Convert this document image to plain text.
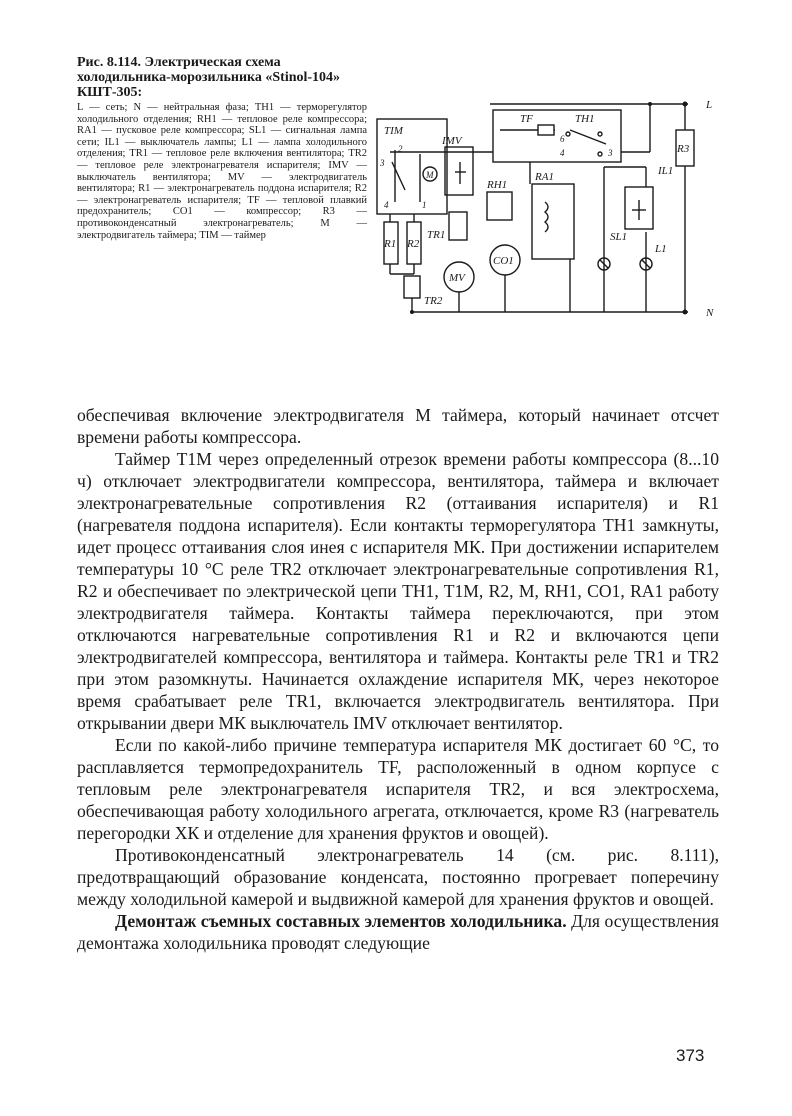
Рис. 8.114. Электрическая схема холодильника-морозильника «Stinol-104» КШТ-305:

L — сеть; N — нейтральная фаза; TH1 — терморегулятор холодильного отделения; RH1 — тепловое реле компрессора; RA1 — пусковое реле компрессора; SL1 — сигнальная лампа сети; IL1 — выключатель лампы; L1 — лампа холодильного отделения; TR1 — тепловое реле включения вентилятора; TR2 — тепловое реле электронагревателя испарителя; IMV — выключатель вентилятора; MV — электродвигатель вентилятора; R1 — электронагреватель поддона испарителя; R2 — электронагреватель испарителя; TF — тепловой плавкий предохранитель; CO1 — компрессор; R3 — противоконденсатный электронагреватель; M — электродвигатель таймера; TIM — таймер

L
N
TF	TH1
TIM
IMV
RH1
RA1	IL1
R3
SL1
L1
R1 R2
TR1
TR2
MV
CO1
M
3
2
4	1
6
4	3

обеспечивая включение электродвигателя M таймера, который начинает отсчет времени работы компрессора.

Таймер T1M через определенный отрезок времени работы компрессора (8...10 ч) отключает электродвигатели компрессора, вентилятора, таймера и включает электронагревательные сопротивления R2 (оттаивания испарителя) и R1 (нагревателя поддона испарителя). Если контакты терморегулятора TH1 замкнуты, идет процесс оттаивания слоя инея с испарителя МК. При достижении испарителем температуры 10 °С реле TR2 отключает электронагревательные сопротивления R1, R2 и обеспечивает по электрической цепи TH1, T1M, R2, M, RH1, CO1, RA1 работу электродвигателя таймера. Контакты таймера переключаются, при этом отключаются нагревательные сопротивления R1 и R2 и включаются цепи электродвигателей компрессора, вентилятора и таймера. Контакты реле TR1 и TR2 при этом разомкнуты. Начинается охлаждение испарителя МК, через некоторое время срабатывает реле TR1, включается электродвигатель вентилятора. При открывании двери МК выключатель IMV отключает вентилятор.

Если по какой-либо причине температура испарителя МК достигает 60 °С, то расплавляется термопредохранитель TF, расположенный в одном корпусе с тепловым реле электронагревателя испарителя TR2, и вся электросхема, обеспечивающая работу холодильного агрегата, отключается, кроме R3 (нагреватель перегородки ХК и отделение для хранения фруктов и овощей).

Противоконденсатный электронагреватель 14 (см. рис. 8.111), предотвращающий образование конденсата, постоянно прогревает поперечину между холодильной камерой и выдвижной камерой для хранения фруктов и овощей.

Демонтаж съемных составных элементов холодильника. Для осуществления демонтажа холодильника проводят следующие

373
